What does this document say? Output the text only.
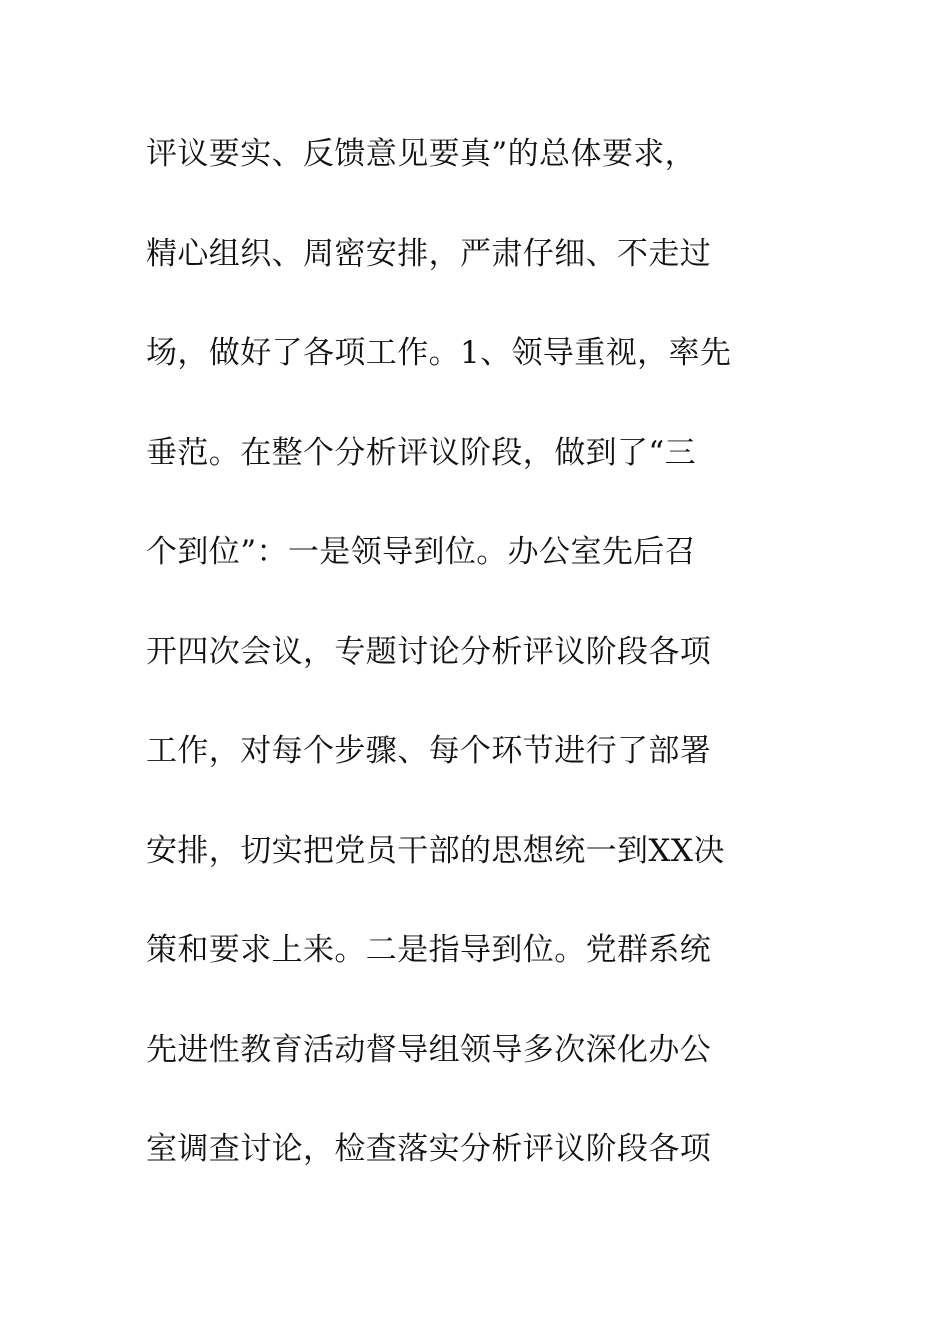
评议要实、反馈意见要真”的总体要求，
精心组织、周密安排，严肃仔细、不走过
场，做好了各项工作。1、领导重视，率先
垂范。在整个分析评议阶段，做到了“三
个到位”：一是领导到位。办公室先后召
开四次会议，专题讨论分析评议阶段各项
工作，对每个步骤、每个环节进行了部署
安排，切实把党员干部的思想统一到XX决
策和要求上来。二是指导到位。党群系统
先进性教育活动督导组领导多次深化办公
室调查讨论，检查落实分析评议阶段各项
